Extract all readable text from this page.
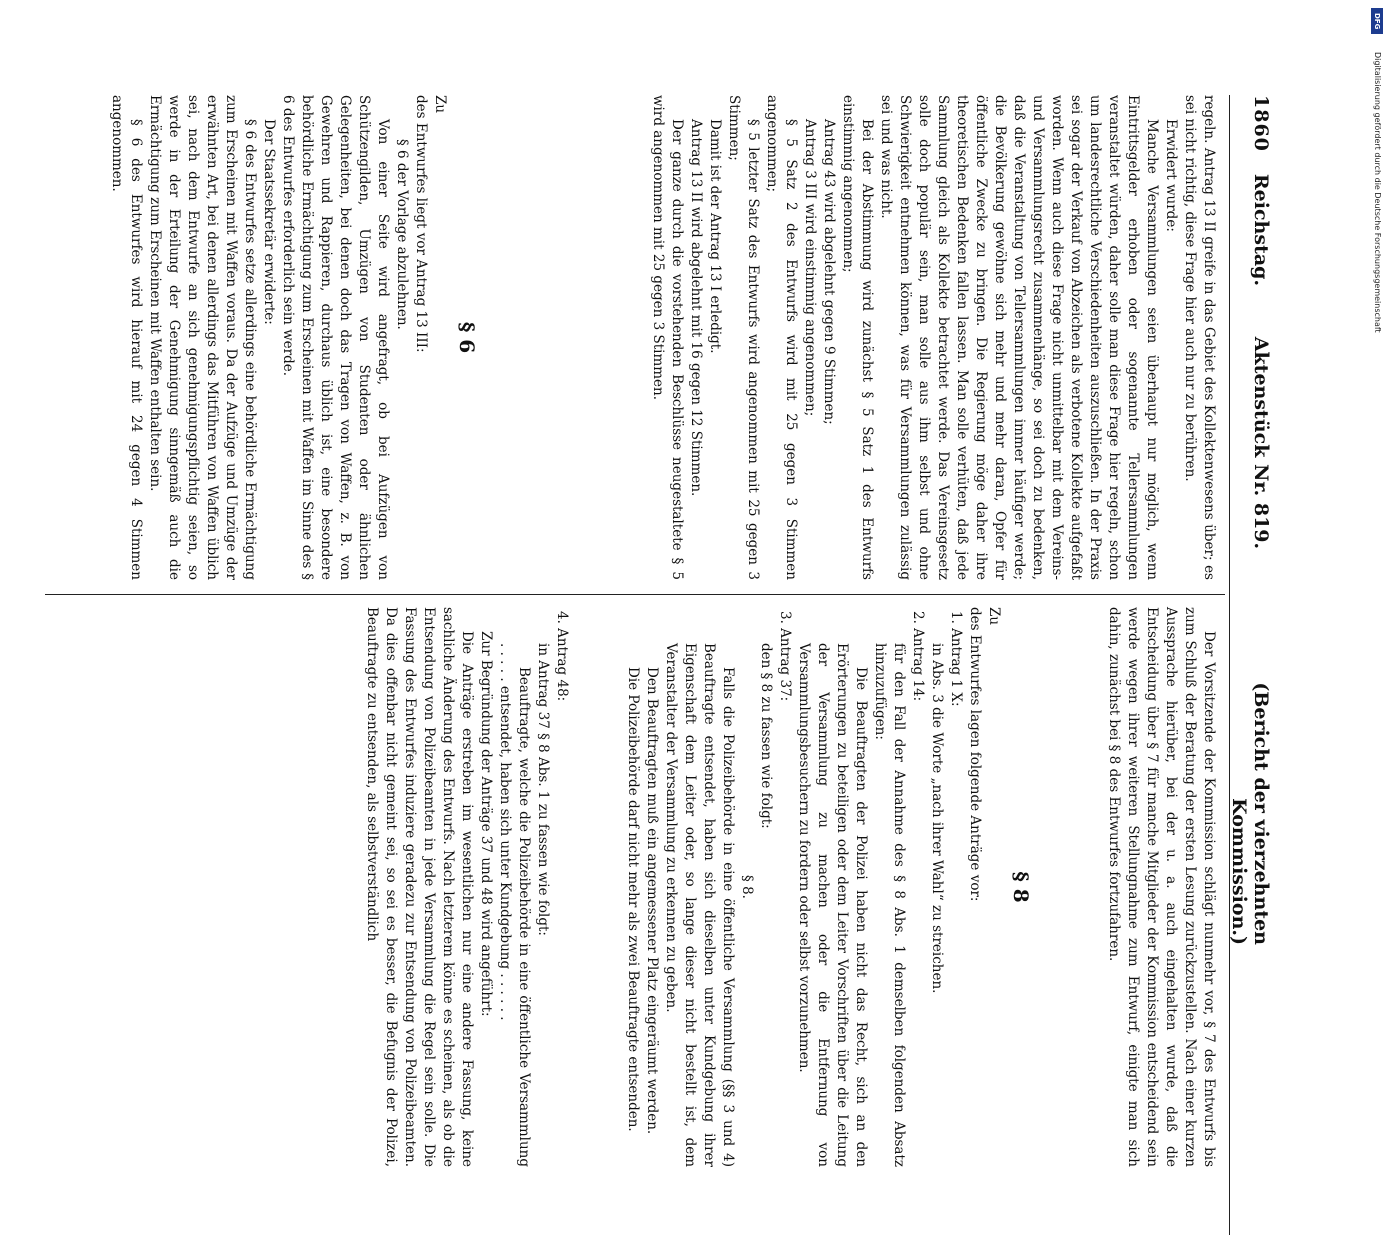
1860
Reichstag.
Aktenstück Nr. 819.
(Bericht der vierzehnten Kommission.)

regeln. Antrag 13 II greife in das Gebiet des Kollektenwesens über; es sei nicht richtig, diese Frage hier auch nur zu berühren.

Erwidert wurde:

Manche Versammlungen seien überhaupt nur möglich, wenn Eintrittsgelder erhoben oder sogenannte Tellersammlungen veranstaltet würden, daher solle man diese Frage hier regeln, schon um landesrechtliche Verschiedenheiten auszuschließen. In der Praxis sei sogar der Verkauf von Abzeichen als verbotene Kollekte aufgefaßt worden. Wenn auch diese Frage nicht unmittelbar mit dem Vereins- und Versammlungsrecht zusammenhänge, so sei doch zu bedenken, daß die Veranstaltung von Tellersammlungen immer häufiger werde; die Bevölkerung gewöhne sich mehr und mehr daran, Opfer für öffentliche Zwecke zu bringen. Die Regierung möge daher ihre theoretischen Bedenken fallen lassen. Man solle verhüten, daß jede Sammlung gleich als Kollekte betrachtet werde. Das Vereinsgesetz solle doch populär sein, man solle aus ihm selbst und ohne Schwierigkeit entnehmen können, was für Versammlungen zulässig sei und was nicht.

Bei der Abstimmung wird zunächst § 5 Satz 1 des Entwurfs einstimmig angenommen;

Antrag 43 wird abgelehnt gegen 9 Stimmen;

Antrag 3 III wird einstimmig angenommen;

§ 5 Satz 2 des Entwurfs wird mit 25 gegen 3 Stimmen angenommen;

§ 5 letzter Satz des Entwurfs wird angenommen mit 25 gegen 3 Stimmen;

Damit ist der Antrag 13 I erledigt.

Antrag 13 II wird abgelehnt mit 16 gegen 12 Stimmen.

Der ganze durch die vorstehenden Beschlüsse neugestaltete § 5 wird angenommen mit 25 gegen 3 Stimmen.

§ 6

Zu

des Entwurfes liegt vor Antrag 13 III:

§ 6 der Vorlage abzulehnen.

Von einer Seite wird angefragt, ob bei Aufzügen von Schützengilden, Umzügen von Studenten oder ähnlichen Gelegenheiten, bei denen doch das Tragen von Waffen, z. B. von Gewehren und Rappieren, durchaus üblich ist, eine besondere behördliche Ermächtigung zum Erscheinen mit Waffen im Sinne des § 6 des Entwurfes erforderlich sein werde.

Der Staatssekretär erwiderte:

§ 6 des Entwurfes setze allerdings eine behördliche Ermächtigung zum Erscheinen mit Waffen voraus. Da der Aufzüge und Umzüge der erwähnten Art, bei denen allerdings das Mitführen von Waffen üblich sei, nach dem Entwurfe an sich genehmigungspflichtig seien, so werde in der Erteilung der Genehmigung sinngemäß auch die Ermächtigung zum Erscheinen mit Waffen enthalten sein.

§ 6 des Entwurfes wird hierauf mit 24 gegen 4 Stimmen angenommen.

Der Vorsitzende der Kommission schlägt nunmehr vor, § 7 des Entwurfs bis zum Schluß der Beratung der ersten Lesung zurückzustellen. Nach einer kurzen Aussprache hierüber, bei der u. a. auch eingehalten wurde, daß die Entscheidung über § 7 für manche Mitglieder der Kommission entscheidend sein werde wegen ihrer weiteren Stellungnahme zum Entwurf, einigte man sich dahin, zunächst bei § 8 des Entwurfes fortzufahren.

§ 8

Zu

des Entwurfes lagen folgende Anträge vor:

1. Antrag 1 X:

in Abs. 3 die Worte „nach ihrer Wahl“ zu streichen.

2. Antrag 14:

für den Fall der Annahme des § 8 Abs. 1 demselben folgenden Absatz hinzuzufügen:

Die Beauftragten der Polizei haben nicht das Recht, sich an den Erörterungen zu beteiligen oder dem Leiter Vorschriften über die Leitung der Versammlung zu machen oder die Entfernung von Versammlungsbesuchern zu fordern oder selbst vorzunehmen.

3. Antrag 37:

den § 8 zu fassen wie folgt:

§ 8.

Falls die Polizeibehörde in eine öffentliche Versammlung (§§ 3 und 4) Beauftragte entsendet, haben sich dieselben unter Kundgebung ihrer Eigenschaft dem Leiter oder, so lange dieser nicht bestellt ist, dem Veranstalter der Versammlung zu erkennen zu geben.

Den Beauftragten muß ein angemessener Platz eingeräumt werden.

Die Polizeibehörde darf nicht mehr als zwei Beauftragte entsenden.

4. Antrag 48:

in Antrag 37 § 8 Abs. 1 zu fassen wie folgt:

Beauftragte, welche die Polizeibehörde in eine öffentliche Versammlung . . . . . entsendet, haben sich unter Kundgebung . . . . . .

Zur Begründung der Anträge 37 und 48 wird angeführt:

Die Anträge erstreben im wesentlichen nur eine andere Fassung, keine sachliche Änderung des Entwurfs. Nach letzterem könne es scheinen, als ob die Entsendung von Polizeibeamten in jede Versammlung die Regel sein solle. Die Fassung des Entwurfes induziere geradezu zur Entsendung von Polizeibeamten. Da dies offenbar nicht gemeint sei, so sei es besser, die Befugnis der Polizei, Beauftragte zu entsenden, als selbstverständlich

DFG
Digitalisierung gefördert durch die Deutsche Forschungsgemeinschaft
